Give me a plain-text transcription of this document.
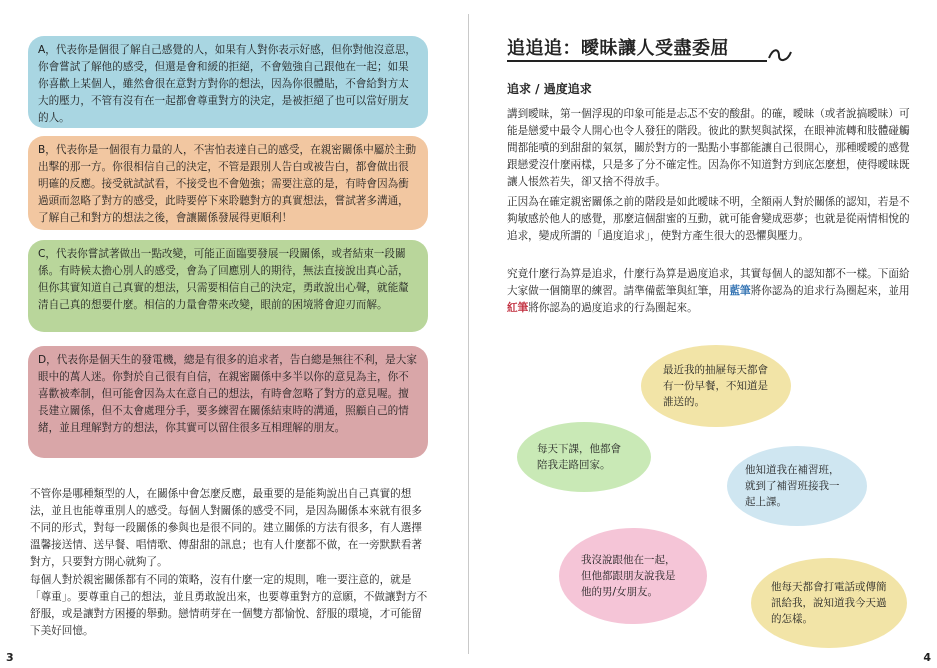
A，代表你是個很了解自己感覺的人，如果有人對你表示好感，但你對他沒意思，你會嘗試了解他的感受，但還是會和緩的拒絕，不會勉強自己跟他在一起；如果你喜歡上某個人，雖然會很在意對方對你的想法，因為你很體貼，不會給對方太大的壓力，不管有沒有在一起都會尊重對方的決定，是被拒絕了也可以當好朋友的人。
B，代表你是一個很有力量的人，不害怕表達自己的感受，在親密關係中屬於主動出擊的那一方。你很相信自己的決定，不管是跟別人告白或被告白，都會做出很明確的反應。接受就試試看，不接受也不會勉強；需要注意的是，有時會因為衝過頭而忽略了對方的感受，此時要停下來聆聽對方的真實想法，嘗試著多溝通，了解自己和對方的想法之後，會讓關係發展得更順利！
C，代表你嘗試著做出一點改變，可能正面臨要發展一段關係，或者結束一段關係。有時候太擔心別人的感受，會為了回應別人的期待，無法直接說出真心話，但你其實知道自己真實的想法，只需要相信自己的決定，勇敢說出心聲，就能釐清自己真的想要什麼。相信的力量會帶來改變，眼前的困境將會迎刃而解。
D，代表你是個天生的發電機，總是有很多的追求者，告白總是無往不利，是大家眼中的萬人迷。你對於自己很有自信，在親密關係中多半以你的意見為主，你不喜歡被牽制，但可能會因為太在意自己的想法，有時會忽略了對方的意見喔。擅長建立關係，但不太會處理分手，要多練習在關係結束時的溝通，照顧自己的情緒，並且理解對方的想法，你其實可以留住很多互相理解的朋友。

不管你是哪種類型的人，在關係中會怎麼反應，最重要的是能夠說出自己真實的想法，並且也能尊重別人的感受。每個人對關係的感受不同，是因為關係本來就有很多不同的形式，對每一段關係的參與也是很不同的。建立關係的方法有很多，有人選擇溫馨接送情、送早餐、唱情歌、傳甜甜的訊息；也有人什麼都不做，在一旁默默看著對方，只要對方開心就夠了。

每個人對於親密關係都有不同的策略，沒有什麼一定的規則，唯一要注意的，就是「尊重」。要尊重自己的想法，並且勇敢說出來，也要尊重對方的意願，不做讓對方不舒服，或是讓對方困擾的舉動。戀情萌芽在一個雙方都愉悅、舒服的環境，才可能留下美好回憶。

3
追追追：曖昧讓人受盡委屈
追求 / 過度追求

講到曖昧，第一個浮現的印象可能是忐忑不安的酸甜。的確，曖昧（或者說搞曖昧）可能是戀愛中最令人開心也令人發狂的階段。彼此的默契與試探，在眼神流轉和肢體碰觸間都能噴的到甜甜的氣氛，關於對方的一點點小事都能讓自己很開心，那種曖曖的感覺跟戀愛沒什麼兩樣，只是多了分不確定性。因為你不知道對方到底怎麼想，使得曖昧既讓人悵然若失，卻又捨不得放手。

正因為在確定親密關係之前的階段是如此曖昧不明，全額兩人對於關係的認知，若是不夠敏感於他人的感覺，那麼這個甜蜜的互動，就可能會變成惡夢；也就是從兩情相悅的追求，變成所謂的「過度追求」，使對方產生很大的恐懼與壓力。

究竟什麼行為算是追求，什麼行為算是過度追求，其實每個人的認知都不一樣。下面給大家做一個簡單的練習。請準備藍筆與紅筆，用藍筆將你認為的追求行為圈起來，並用紅筆將你認為的過度追求的行為圈起來。

最近我的抽屜每天都會有一份早餐，不知道是誰送的。
每天下課，他都會陪我走路回家。	他知道我在補習班，就到了補習班接我一起上課。
我沒說跟他在一起，但他都跟朋友說我是他的男/女朋友。	他每天都會打電話或傳簡訊給我，說知道我今天過的怎樣。
4
